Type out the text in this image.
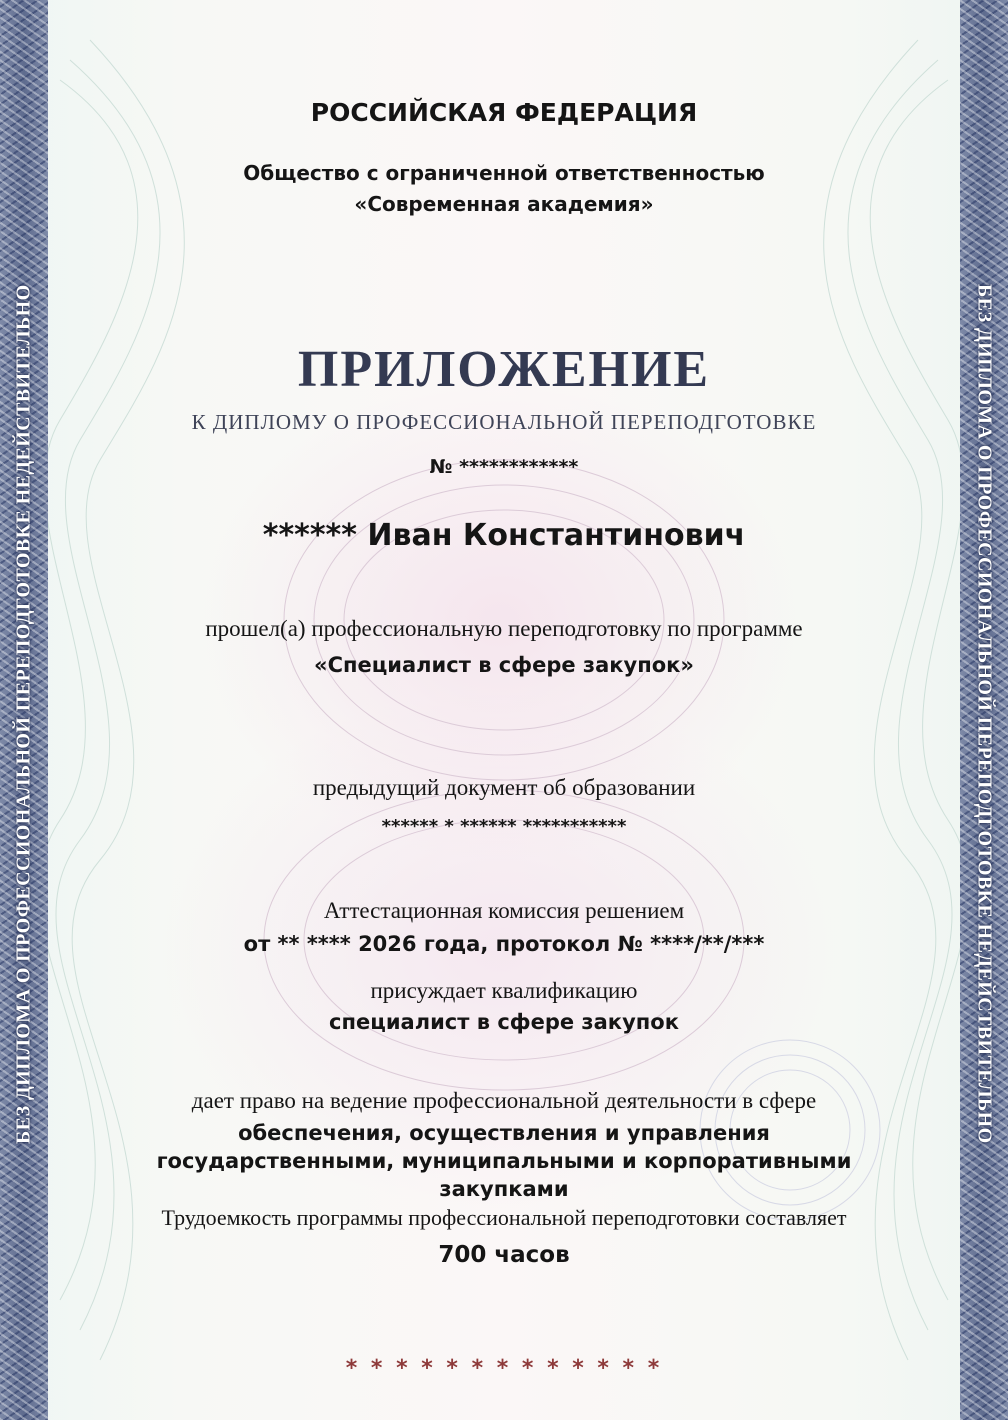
БЕЗ ДИПЛОМА О ПРОФЕССИОНАЛЬНОЙ ПЕРЕПОДГОТОВКЕ НЕДЕЙСТВИТЕЛЬНО	БЕЗ ДИПЛОМА О ПРОФЕССИОНАЛЬНОЙ ПЕРЕПОДГОТОВКЕ НЕДЕЙСТВИТЕЛЬНО
РОССИЙСКАЯ ФЕДЕРАЦИЯ
Общество с ограниченной ответственностью
«Современная академия»
ПРИЛОЖЕНИЕ
К ДИПЛОМУ О ПРОФЕССИОНАЛЬНОЙ ПЕРЕПОДГОТОВКЕ
№ ************
****** Иван Константинович
прошел(а) профессиональную переподготовку по программе
«Специалист в сфере закупок»
предыдущий документ об образовании
****** * ****** ***********
Аттестационная комиссия решением
от ** **** 2026 года, протокол № ****/**/***
присуждает квалификацию
специалист в сфере закупок
дает право на ведение профессиональной деятельности в сфере
обеспечения, осуществления и управления
государственными, муниципальными и корпоративными
закупками
Трудоемкость программы профессиональной переподготовки составляет
700 часов
* * * * * * * * * * * * *
